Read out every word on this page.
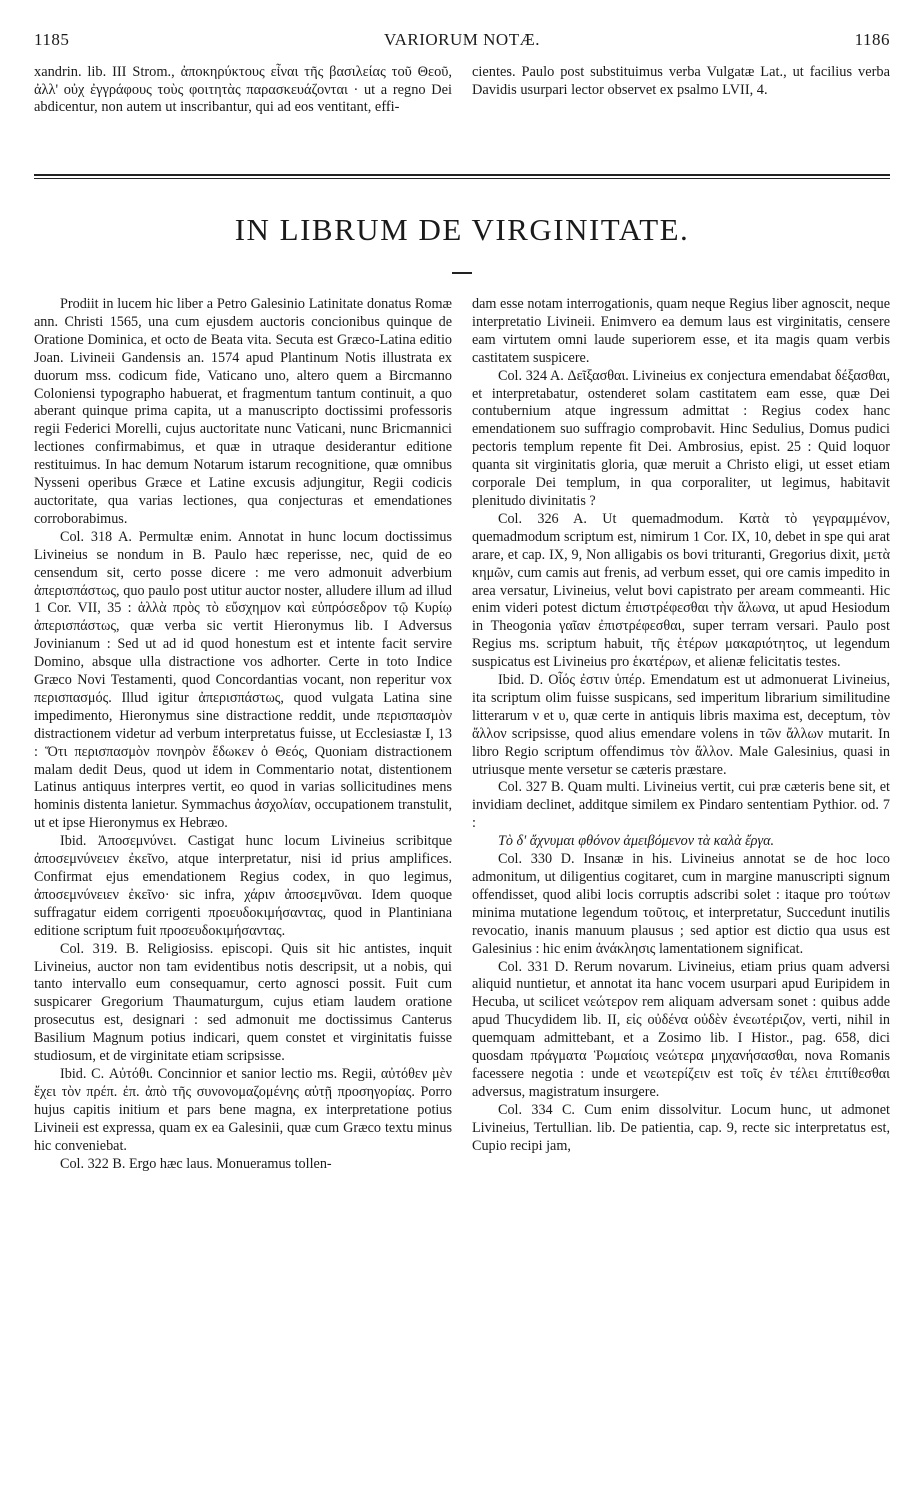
1185	VARIORUM NOTÆ.	1186
xandrin. lib. III Strom., ἀποκηρύκτους εἶναι τῆς βασιλείας τοῦ Θεοῦ, ἀλλ' οὐχ ἐγγράφους τοὺς φοιτητὰς παρασκευάζονται · ut a regno Dei abdicentur, non autem ut inscribantur, qui ad eos ventitant, effi-
cientes. Paulo post substituimus verba Vulgatæ Lat., ut facilius verba Davidis usurpari lector observet ex psalmo LVII, 4.
IN LIBRUM DE VIRGINITATE.

Prodiit in lucem hic liber a Petro Galesinio Latinitate donatus Romæ ann. Christi 1565, una cum ejusdem auctoris concionibus quinque de Oratione Dominica, et octo de Beata vita. Secuta est Græco-Latina editio Joan. Livineii Gandensis an. 1574 apud Plantinum Notis illustrata ex duorum mss. codicum fide, Vaticano uno, altero quem a Bircmanno Coloniensi typographo habuerat, et fragmentum tantum continuit, a quo aberant quinque prima capita, ut a manuscripto doctissimi professoris regii Federici Morelli, cujus auctoritate nunc Vaticani, nunc Bricmannici lectiones confirmabimus, et quæ in utraque desiderantur editione restituimus. In hac demum Notarum istarum recognitione, quæ omnibus Nysseni operibus Græce et Latine excusis adjungitur, Regii codicis auctoritate, qua varias lectiones, qua conjecturas et emendationes corroborabimus.

Col. 318 A. Permultæ enim. Annotat in hunc locum doctissimus Livineius se nondum in B. Paulo hæc reperisse, nec, quid de eo censendum sit, certo posse dicere : me vero admonuit adverbium ἀπερισπάστως, quo paulo post utitur auctor noster, alludere illum ad illud 1 Cor. VII, 35 : ἀλλὰ πρὸς τὸ εὔσχημον καὶ εὐπρόσεδρον τῷ Κυρίῳ ἀπερισπάστως, quæ verba sic vertit Hieronymus lib. I Adversus Jovinianum : Sed ut ad id quod honestum est et intente facit servire Domino, absque ulla distractione vos adhorter. Certe in toto Indice Græco Novi Testamenti, quod Concordantias vocant, non reperitur vox περισπασμός. Illud igitur ἀπερισπάστως, quod vulgata Latina sine impedimento, Hieronymus sine distractione reddit, unde περισπασμὸν distractionem videtur ad verbum interpretatus fuisse, ut Ecclesiastæ I, 13 : Ὅτι περισπασμὸν πονηρὸν ἔδωκεν ὁ Θεός, Quoniam distractionem malam dedit Deus, quod ut idem in Commentario notat, distentionem Latinus antiquus interpres vertit, eo quod in varias sollicitudines mens hominis distenta lanietur. Symmachus ἀσχολίαν, occupationem transtulit, ut et ipse Hieronymus ex Hebræo.

Ibid. Ἀποσεμνύνει. Castigat hunc locum Livineius scribitque ἀποσεμνύνειεν ἐκεῖνο, atque interpretatur, nisi id prius amplifices. Confirmat ejus emendationem Regius codex, in quo legimus, ἀποσεμνύνειεν ἐκεῖνο· sic infra, χάριν ἀποσεμνῦναι. Idem quoque suffragatur eidem corrigenti προευδοκιμήσαντας, quod in Plantiniana editione scriptum fuit προσευδοκιμήσαντας.

Col. 319. B. Religiosiss. episcopi. Quis sit hic antistes, inquit Livineius, auctor non tam evidentibus notis descripsit, ut a nobis, qui tanto intervallo eum consequamur, certo agnosci possit. Fuit cum suspicarer Gregorium Thaumaturgum, cujus etiam laudem oratione prosecutus est, designari : sed admonuit me doctissimus Canterus Basilium Magnum potius indicari, quem constet et virginitatis fuisse studiosum, et de virginitate etiam scripsisse.

Ibid. C. Αὐτόθι. Concinnior et sanior lectio ms. Regii, αὐτόθεν μὲν ἔχει τὸν πρέπ. ἐπ. ἀπὸ τῆς συνονομαζομένης αὐτῇ προσηγορίας. Porro hujus capitis initium et pars bene magna, ex interpretatione potius Livineii est expressa, quam ex ea Galesinii, quæ cum Græco textu minus hic conveniebat.

Col. 322 B. Ergo hæc laus. Monueramus tollen-

dam esse notam interrogationis, quam neque Regius liber agnoscit, neque interpretatio Livineii. Enimvero ea demum laus est virginitatis, censere eam virtutem omni laude superiorem esse, et ita magis quam verbis castitatem suspicere.

Col. 324 A. Δεῖξασθαι. Livineius ex conjectura emendabat δέξασθαι, et interpretabatur, ostenderet solam castitatem eam esse, quæ Dei contubernium atque ingressum admittat : Regius codex hanc emendationem suo suffragio comprobavit. Hinc Sedulius, Domus pudici pectoris templum repente fit Dei. Ambrosius, epist. 25 : Quid loquor quanta sit virginitatis gloria, quæ meruit a Christo eligi, ut esset etiam corporale Dei templum, in qua corporaliter, ut legimus, habitavit plenitudo divinitatis ?

Col. 326 A. Ut quemadmodum. Κατὰ τὸ γεγραμμένον, quemadmodum scriptum est, nimirum 1 Cor. IX, 10, debet in spe qui arat arare, et cap. IX, 9, Non alligabis os bovi trituranti, Gregorius dixit, μετὰ κημῶν, cum camis aut frenis, ad verbum esset, qui ore camis impedito in area versatur, Livineius, velut bovi capistrato per aream commeanti. Hic enim videri potest dictum ἐπιστρέφεσθαι τὴν ἅλωνα, ut apud Hesiodum in Theogonia γαῖαν ἐπιστρέφεσθαι, super terram versari. Paulo post Regius ms. scriptum habuit, τῆς ἑτέρων μακαριότητος, ut legendum suspicatus est Livineius pro ἑκατέρων, et alienæ felicitatis testes.

Ibid. D. Οἷός ἐστιν ὑπέρ. Emendatum est ut admonuerat Livineius, ita scriptum olim fuisse suspicans, sed imperitum librarium similitudine litterarum ν et υ, quæ certe in antiquis libris maxima est, deceptum, τὸν ἄλλον scripsisse, quod alius emendare volens in τῶν ἄλλων mutarit. In libro Regio scriptum offendimus τὸν ἄλλον. Male Galesinius, quasi in utriusque mente versetur se cæteris præstare.

Col. 327 B. Quam multi. Livineius vertit, cui præ cæteris bene sit, et invidiam declinet, additque similem ex Pindaro sententiam Pythior. od. 7 :

Τὸ δ' ἄχνυμαι φθόνον ἀμειβόμενον τὰ καλὰ ἔργα.

Col. 330 D. Insanæ in his. Livineius annotat se de hoc loco admonitum, ut diligentius cogitaret, cum in margine manuscripti signum offendisset, quod alibi locis corruptis adscribi solet : itaque pro τούτων minima mutatione legendum τοῦτοις, et interpretatur, Succedunt inutilis revocatio, inanis manuum plausus ; sed aptior est dictio qua usus est Galesinius : hic enim ἀνάκλησις lamentationem significat.

Col. 331 D. Rerum novarum. Livineius, etiam prius quam adversi aliquid nuntietur, et annotat ita hanc vocem usurpari apud Euripidem in Hecuba, ut scilicet νεώτερον rem aliquam adversam sonet : quibus adde apud Thucydidem lib. II, εἰς οὐδένα οὐδὲν ἐνεωτέριζον, verti, nihil in quemquam admittebant, et a Zosimo lib. I Histor., pag. 658, dici quosdam πράγματα Ῥωμαίοις νεώτερα μηχανήσασθαι, nova Romanis facessere negotia : unde et νεωτερίζειν est τοῖς ἐν τέλει ἐπιτίθεσθαι adversus, magistratum insurgere.

Col. 334 C. Cum enim dissolvitur. Locum hunc, ut admonet Livineius, Tertullian. lib. De patientia, cap. 9, recte sic interpretatus est, Cupio recipi jam,
